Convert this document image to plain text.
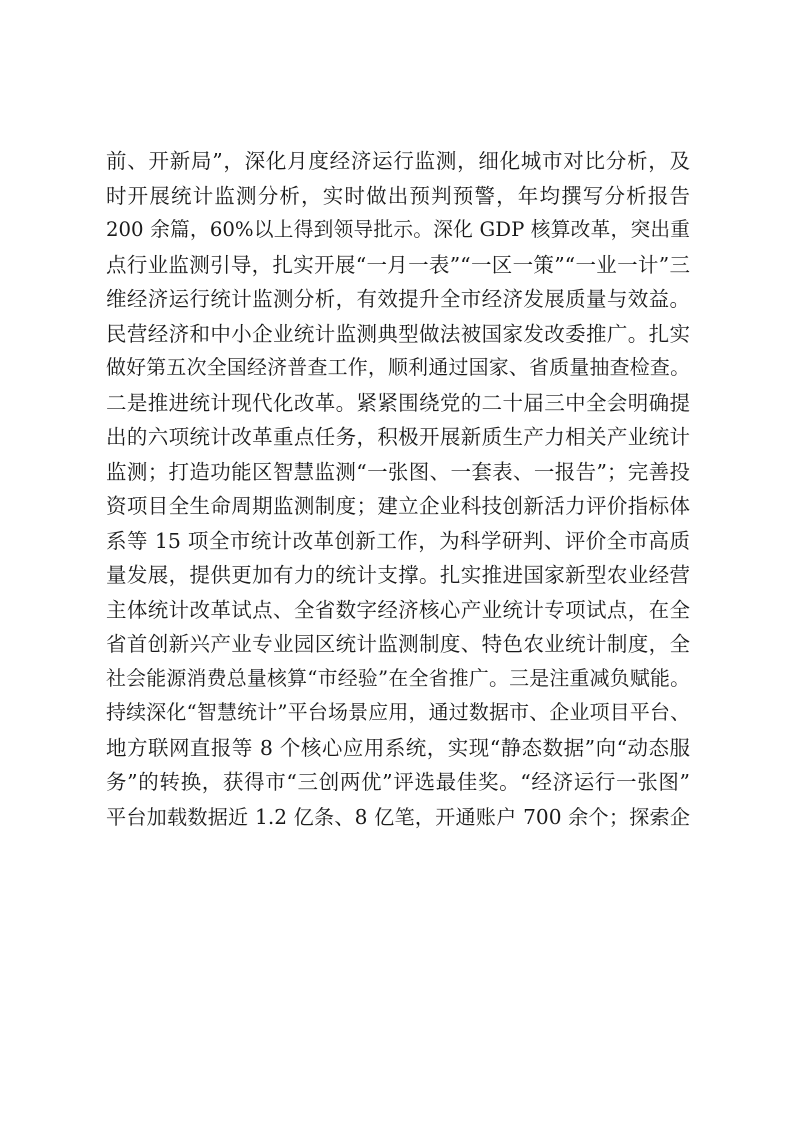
前、开新局”，深化月度经济运行监测，细化城市对比分析，及
时开展统计监测分析，实时做出预判预警，年均撰写分析报告
200 余篇，60%以上得到领导批示。深化 GDP 核算改革，突出重
点行业监测引导，扎实开展“一月一表”“一区一策”“一业一计”三
维经济运行统计监测分析，有效提升全市经济发展质量与效益。
民营经济和中小企业统计监测典型做法被国家发改委推广。扎实
做好第五次全国经济普查工作，顺利通过国家、省质量抽查检查。
二是推进统计现代化改革。紧紧围绕党的二十届三中全会明确提
出的六项统计改革重点任务，积极开展新质生产力相关产业统计
监测；打造功能区智慧监测“一张图、一套表、一报告”；完善投
资项目全生命周期监测制度；建立企业科技创新活力评价指标体
系等 15 项全市统计改革创新工作，为科学研判、评价全市高质
量发展，提供更加有力的统计支撑。扎实推进国家新型农业经营
主体统计改革试点、全省数字经济核心产业统计专项试点，在全
省首创新兴产业专业园区统计监测制度、特色农业统计制度，全
社会能源消费总量核算“市经验”在全省推广。三是注重减负赋能。
持续深化“智慧统计”平台场景应用，通过数据市、企业项目平台、
地方联网直报等 8 个核心应用系统，实现“静态数据”向“动态服
务”的转换，获得市“三创两优”评选最佳奖。“经济运行一张图”
平台加载数据近 1.2 亿条、8 亿笔，开通账户 700 余个；探索企
